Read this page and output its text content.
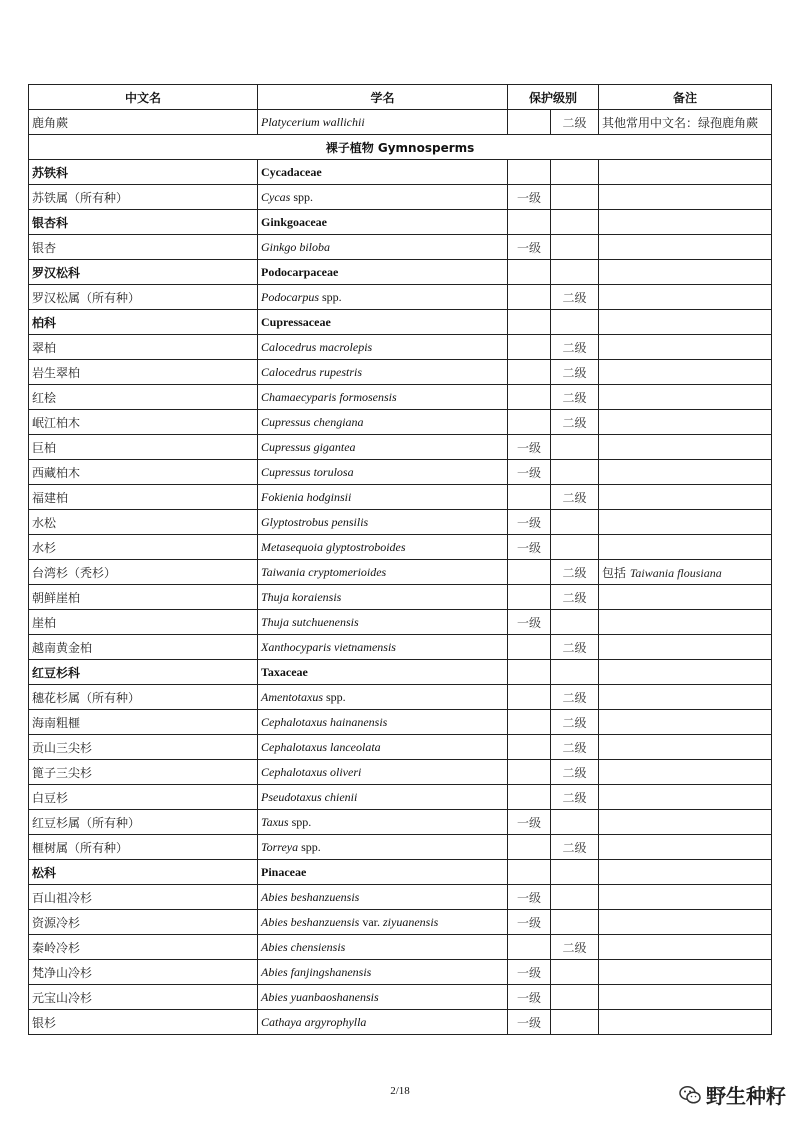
中文名	学名	保护级别		备注
鹿角蕨	Platycerium wallichii		二级	其他常用中文名：绿孢鹿角蕨
裸子植物 Gymnosperms				
苏铁科	Cycadaceae			
苏铁属（所有种）	Cycas spp.	一级		
银杏科	Ginkgoaceae			
银杏	Ginkgo biloba	一级		
罗汉松科	Podocarpaceae			
罗汉松属（所有种）	Podocarpus spp.		二级	
柏科	Cupressaceae			
翠柏	Calocedrus macrolepis		二级	
岩生翠柏	Calocedrus rupestris		二级	
红桧	Chamaecyparis formosensis		二级	
岷江柏木	Cupressus chengiana		二级	
巨柏	Cupressus gigantea	一级		
西藏柏木	Cupressus torulosa	一级		
福建柏	Fokienia hodginsii		二级	
水松	Glyptostrobus pensilis	一级		
水杉	Metasequoia glyptostroboides	一级		
台湾杉（秃杉）	Taiwania cryptomerioides		二级	包括 Taiwania flousiana
朝鲜崖柏	Thuja koraiensis		二级	
崖柏	Thuja sutchuenensis	一级		
越南黄金柏	Xanthocyparis vietnamensis		二级	
红豆杉科	Taxaceae			
穗花杉属（所有种）	Amentotaxus spp.		二级	
海南粗榧	Cephalotaxus hainanensis		二级	
贡山三尖杉	Cephalotaxus lanceolata		二级	
篦子三尖杉	Cephalotaxus oliveri		二级	
白豆杉	Pseudotaxus chienii		二级	
红豆杉属（所有种）	Taxus spp.	一级		
榧树属（所有种）	Torreya spp.		二级	
松科	Pinaceae			
百山祖冷杉	Abies beshanzuensis	一级		
资源冷杉	Abies beshanzuensis var. ziyuanensis	一级		
秦岭冷杉	Abies chensiensis		二级	
梵净山冷杉	Abies fanjingshanensis	一级		
元宝山冷杉	Abies yuanbaoshanensis	一级		
银杉	Cathaya argyrophylla	一级		
2/18	野生种籽
